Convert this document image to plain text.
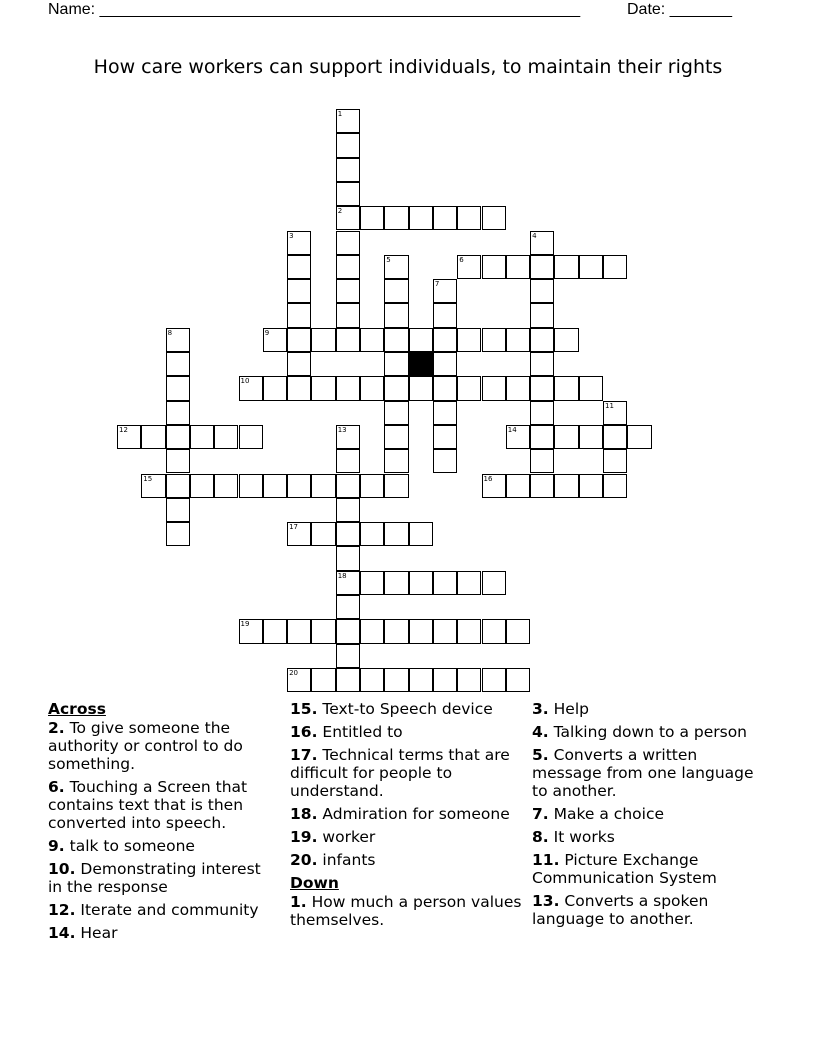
Name: ______________________________________________________	Date: _______
How care workers can support individuals, to maintain their rights
1
2
3	4
5	6
7
8	9
10
11
12	13	14
15	16
17
18
19
20
Across
2. To give someone the authority or control to do something.
6. Touching a Screen that contains text that is then converted into speech.
9. talk to someone
10. Demonstrating interest in the response
12. Iterate and community
14. Hear
15. Text-to Speech device
16. Entitled to
17. Technical terms that are difficult for people to understand.
18. Admiration for someone
19. worker
20. infants
Down
1. How much a person values themselves.
3. Help
4. Talking down to a person
5. Converts a written message from one language to another.
7. Make a choice
8. It works
11. Picture Exchange Communication System
13. Converts a spoken language to another.
